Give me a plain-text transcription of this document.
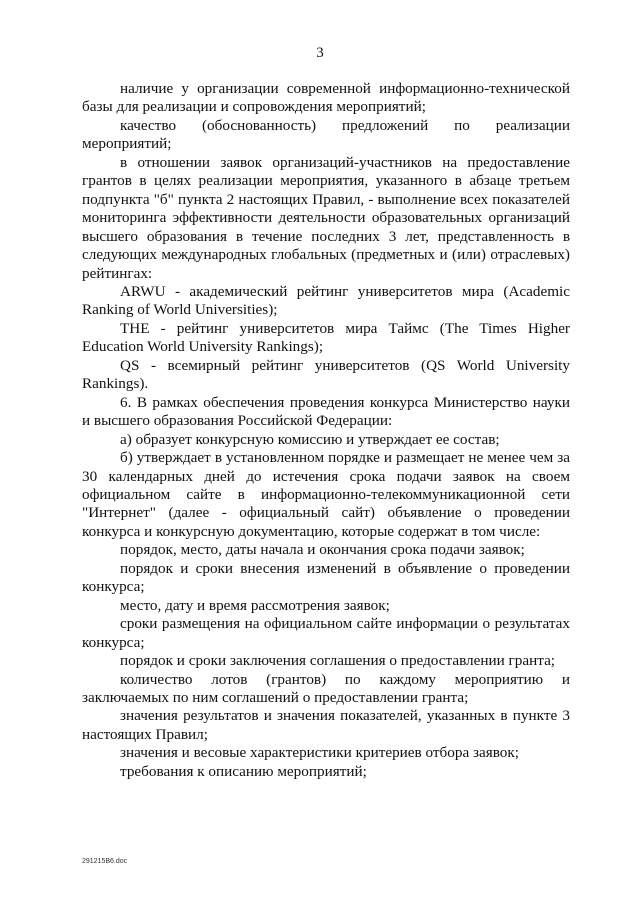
3

наличие у организации современной информационно-технической базы для реализации и сопровождения мероприятий;

качество (обоснованность) предложений по реализации мероприятий;

в отношении заявок организаций-участников на предоставление грантов в целях реализации мероприятия, указанного в абзаце третьем подпункта "б" пункта 2 настоящих Правил, - выполнение всех показателей мониторинга эффективности деятельности образовательных организаций высшего образования в течение последних 3 лет, представленность в следующих международных глобальных (предметных и (или) отраслевых) рейтингах:

ARWU - академический рейтинг университетов мира (Academic Ranking of World Universities);

THE - рейтинг университетов мира Таймс (The Times Higher Education World University Rankings);

QS - всемирный рейтинг университетов (QS World University Rankings).

6. В рамках обеспечения проведения конкурса Министерство науки и высшего образования Российской Федерации:

а) образует конкурсную комиссию и утверждает ее состав;

б) утверждает в установленном порядке и размещает не менее чем за 30 календарных дней до истечения срока подачи заявок на своем официальном сайте в информационно-телекоммуникационной сети "Интернет" (далее - официальный сайт) объявление о проведении конкурса и конкурсную документацию, которые содержат в том числе:

порядок, место, даты начала и окончания срока подачи заявок;

порядок и сроки внесения изменений в объявление о проведении конкурса;

место, дату и время рассмотрения заявок;

сроки размещения на официальном сайте информации о результатах конкурса;

порядок и сроки заключения соглашения о предоставлении гранта;

количество лотов (грантов) по каждому мероприятию и заключаемых по ним соглашений о предоставлении гранта;

значения результатов и значения показателей, указанных в пункте 3 настоящих Правил;

значения и весовые характеристики критериев отбора заявок;

требования к описанию мероприятий;

291215B6.doc
